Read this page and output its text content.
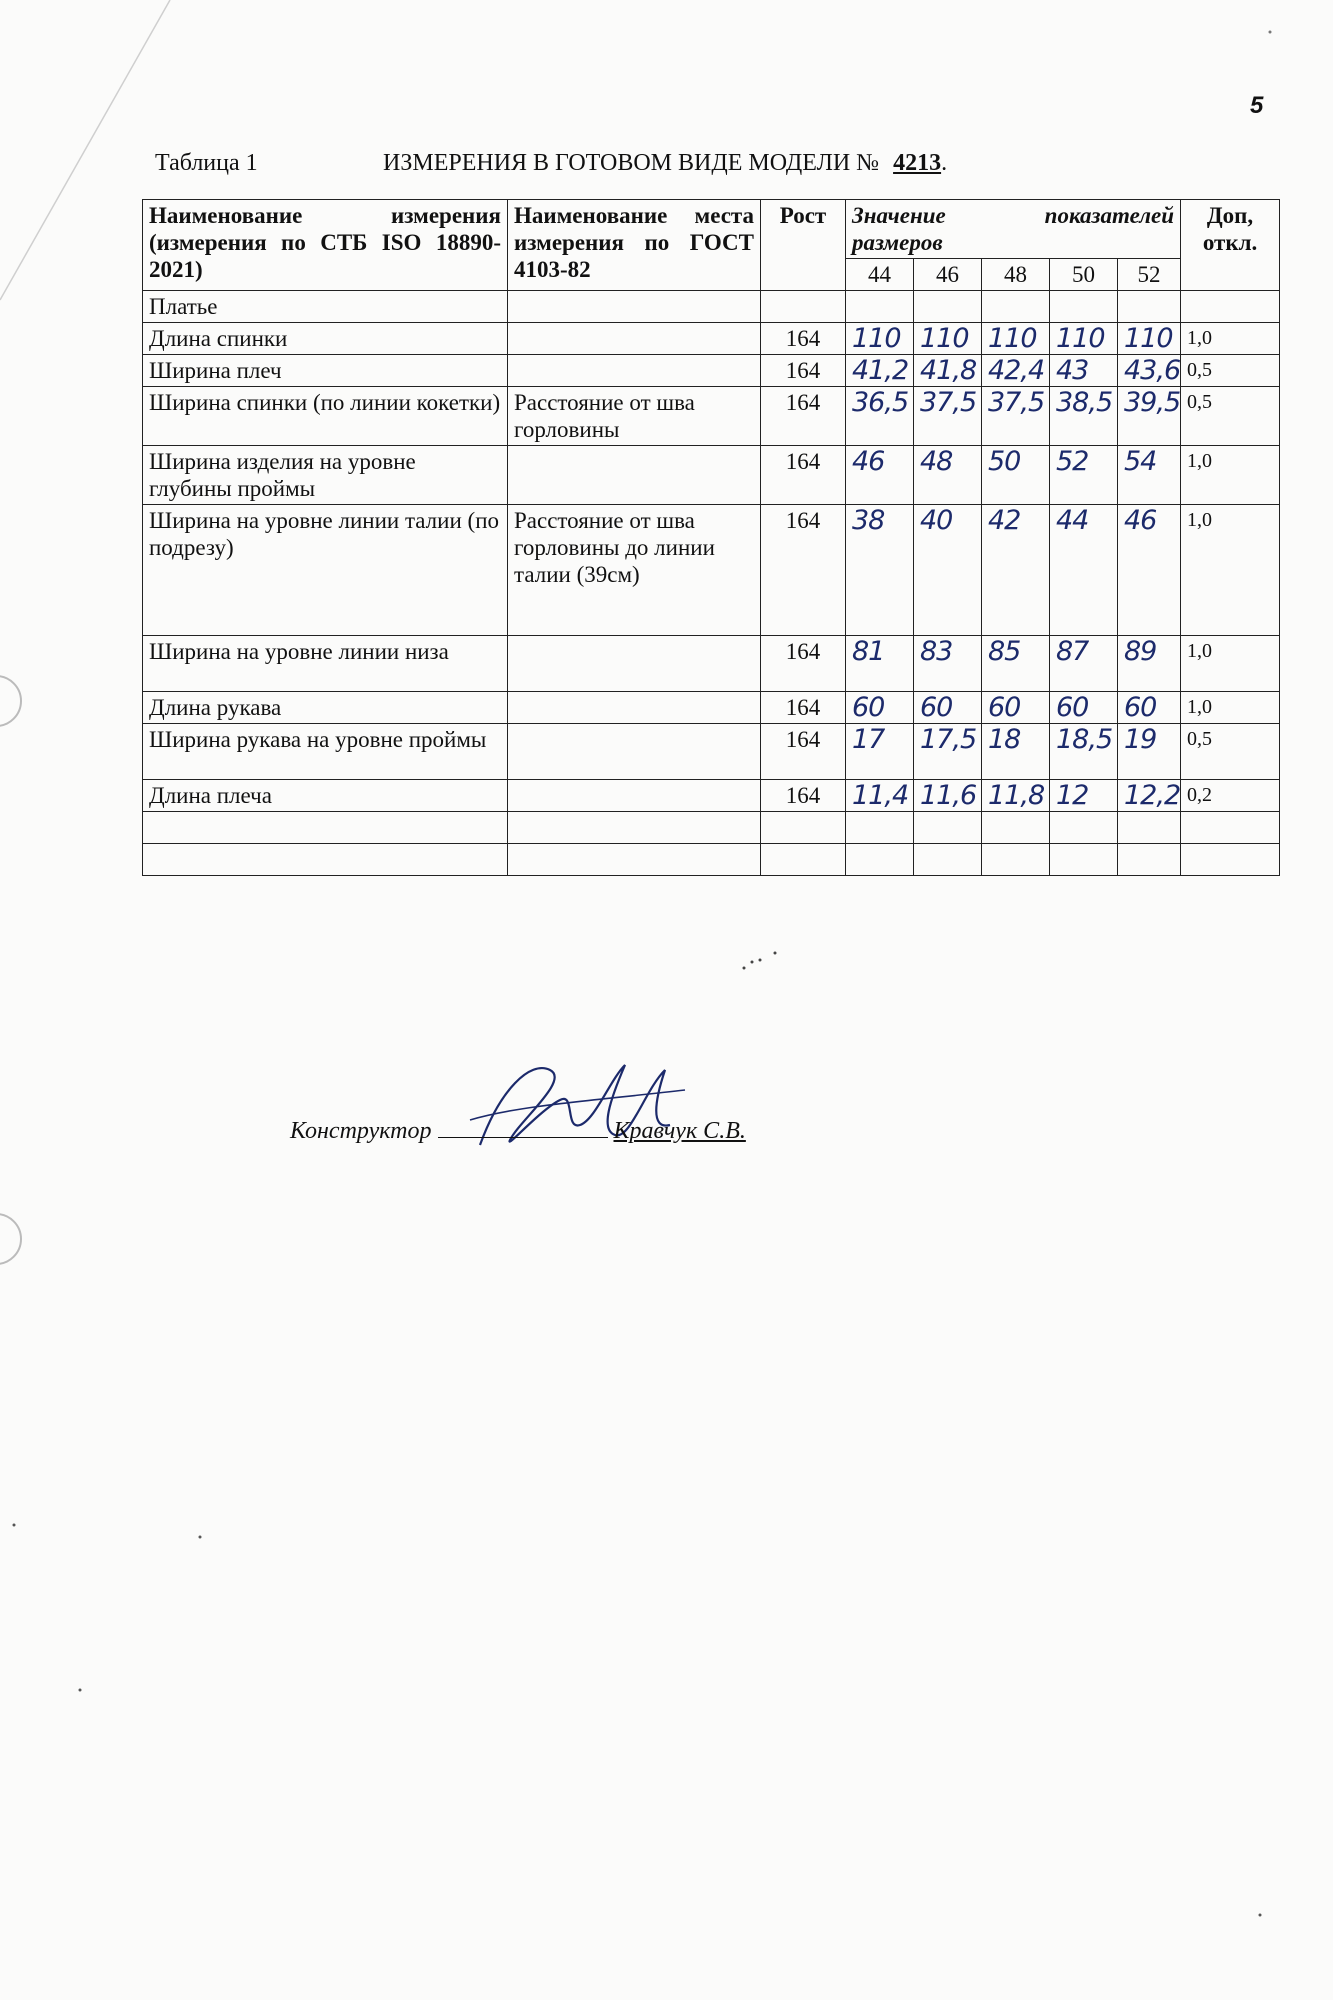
5
Таблица 1	ИЗМЕРЕНИЯ В ГОТОВОМ ВИДЕ МОДЕЛИ № 4213.
Наименование измерения (измерения по СТБ ISO 18890-2021)	Наименование места измерения по ГОСТ 4103-82	Рост	Значение показателей размеров					Доп, откл.
			44	46	48	50	52	
Платье								
Длина спинки		164	110	110	110	110	110	1,0
Ширина плеч		164	41,2	41,8	42,4	43	43,6	0,5
Ширина спинки (по линии кокетки)	Расстояние от шва горловины	164	36,5	37,5	37,5	38,5	39,5	0,5
Ширина изделия на уровне глубины проймы		164	46	48	50	52	54	1,0
Ширина на уровне линии талии (по подрезу)	Расстояние от шва горловины до линии талии (39см)	164	38	40	42	44	46	1,0
Ширина на уровне линии низа		164	81	83	85	87	89	1,0
Длина рукава		164	60	60	60	60	60	1,0
Ширина рукава на уровне проймы		164	17	17,5	18	18,5	19	0,5
Длина плеча		164	11,4	11,6	11,8	12	12,2	0,2

Конструктор	Кравчук С.В.
